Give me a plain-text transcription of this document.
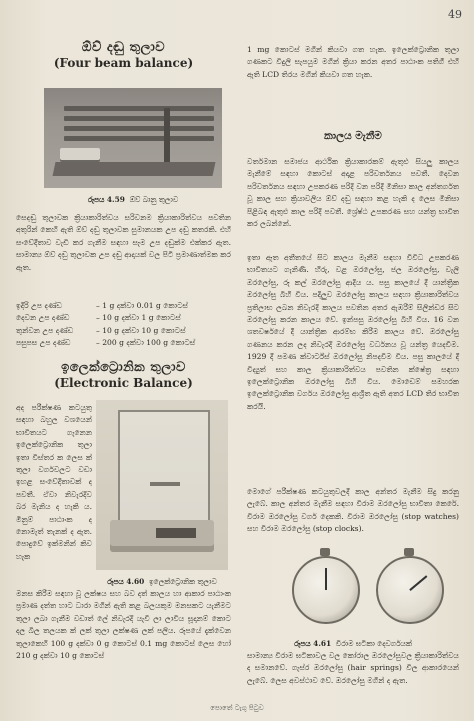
49

ඕව් දඬු තුලාව

(Four beam balance)

රූපය 4.59 ඕව් බානු තුලාව

සෙදඬු තුලාවක ක්‍රියාකාරිත්වය සරිවනම ක්‍රියාකාරිත්වය පවතින අතුරින් කෙහි ඇති ඕව් දඬු තුලාවක සුමානයක උප දඬු කතරකි. එහි සංවේදීතාව වැඩි කර ගැනීම සඳහා සෑම උප දඬුක්ම එක්කර ඇත. සාමාන්‍ය ඕව් දඬු තුලාවක උප දඬු ආදායක් වල පිටි ප්‍රමාණාත්මක කර ඇත.

ඉදිරි උප දණ්ඩ	– 1 g දක්වා 0.01 g කොටස්
දෙවන උප දණ්ඩ	– 10 g දක්වා 1 g කොටස්
තුන්වන උප දණ්ඩ	– 10 g දක්වා 10 g කොටස්
පසුපස උප දණ්ඩ	– 200 g දක්වා 100 g කොටස්

ඉලෙක්ට්‍රොනික තුලාව

(Electronic Balance)

අද පරීක්ෂණ කටයුතු සඳහා බහුල වශයෙන් භාවිතයට ගැනෙන ඉලෙක්ට්‍රොනික තුලා ඉතා විස්තර ක ලෙස ක් තුලා වර්ගවලට වඩා ඉහළ සංවේදීතාවක් ද පවතී. ඒවා නිවැරදිව බර මැනිය ද හැකි ය. මිනුම් පාඨාංක ද නොමැත් තැනක් ද ඇත. පොදුවේ ඉක්මනින් කිව හැක

රූපය 4.60 ඉලෙක්ට්‍රොනික තුලාව

මනස කිරීම සඳහා වූ ලක්ෂය සහ බව දත් කාලය හා ආකාර පාඨාංක ප්‍රමාණ දත්ත හාට ධාරා මගින් ඇති කළ බලයකුම මනසකට යැනීමට තුලා ලබා ගැනීම වඩාත් ලේ නිවැරදි යැවී ලා ලාවිය සූදානම් කොට දල බිල තලයක ක් ලක් තුලා ලක්ෂණ ලක් පලිය. රූපයේ දැක්වෙන තුලාකෙහි 100 g දක්වා 0 g කොටස් 0.1 mg කොටස් ලෙස හෝ 210 g දක්වා 10 g කොටස්

1 mg කොටස් මගින් කියවා ගත හැක. ඉලෙක්ට්‍රොනික තුලා ගණකට විදුලි සැපයුම මගින් ක්‍රියා කරන අතර පාඨාංක පතිගී එහි ඇති LCD තිරය මගින් කියවා ගත හැක.

කාලය මැනීම

වර්තමාන සමාජය ආර්ථික ක්‍රියාකාරකම් ඇතුළු සියලු කාලය මැනීමේ සඳහා කොටස් අදාළ පරිවර්තනය පවතී. දෙවන පරිවර්තනය සඳහා උපකරණ පරිදි වන පරිදි මිනිසා කාල අන්තර්ගත වූ කාල සහ ක්‍රියාවලිය ඕව් දඬු සඳහා කළ හැකි ද ලෙස මිනිසා පිළිබඳ ඇතුළු කාල පරිදි පවතී. ශ්‍රේෂ්ඨ උපකරණ සහ යන්ත්‍ර භාවිත කර ලබන්නේ.

ඉතා ඈත අතීතයේ සිට කාලය මැනීම සඳහා විවිධ උපකරණ භාවිතයට ගැනිණි. හිරු, වළ ඔරලෝසු, ජල ඔරලෝසු, වැලි ඔරලෝසු, රූ කල් ඔරලෝසු ආදිය ය. පසු කාලයේ දී යාන්ත්‍රික ඔරලෝසු බිහි විය. පදිලුව ඔරලෝසු කාලය සඳහා ක්‍රියාකාරිත්වය ප්‍රතිලාභ ලබන නිවැරදි කාලය පවතින අතර ඇඹරීම් සිලින්ඩර සිට ඔරලෝසු කරන කාලය වේ. ඉන්පසු ඔරලෝසු බිහි විය. 16 වන ශතවර්ෂයේ දී යාන්ත්‍රික ආරම්භ කිරීම කාලය වේ. ඔරලෝසු ගණනය කරන ලද නිවැරදි ඔරලෝසු වර්ධනය වූ යන්ත්‍ර යෙදවීම. 1929 දී පමණ ක්වාර්ට්ස් ඔරලෝසු නිපදවීම විය. පසු කාලයේ දී විද්‍යුත් සහ කාල ක්‍රියාකාරිත්වය පවතින ක්ෂේත්‍ර සඳහා ඉලෙක්ට්‍රොනික ඔරලෝසු බිහි විය. මොඩෙම් සමහරක ඉලෙක්ට්‍රොනික වර්ගය ඔරලෝසු ආශ්‍රිත ඇති අතර LCD තිර භාවිත කරයි.

මොගේ පරීක්ෂණ කටයුතුවලදී කාල අන්තර මැනීම සිදු කරනු ලැබේ. කාල අන්තර මැනීම සඳහා විරාම ඔරලෝසු භාවිතා කෙරේ. විරාම ඔරලෝසු වර්ග දෙකකි. විරාම ඔරලෝසු (stop watches) සහ විරාම ඔරලෝසු (stop clocks).

රූපය 4.61 විරාම ඝටිකා දෙවර්ගයක්

සාමාන්‍ය විරාම ඝටිකාවල වල කෝරාල ඔරලෝසුවල ක්‍රියාකාරිත්වය ද සමානවේ. ගැස්ර ඔරලෝසු (hair springs) විල ආකාරයෙන් ලැබේ. ලෙස අවස්ථාව වේ. ඔරලෝසු මගින් ද ඇත.

පොතේ ටැගු පිටුව
